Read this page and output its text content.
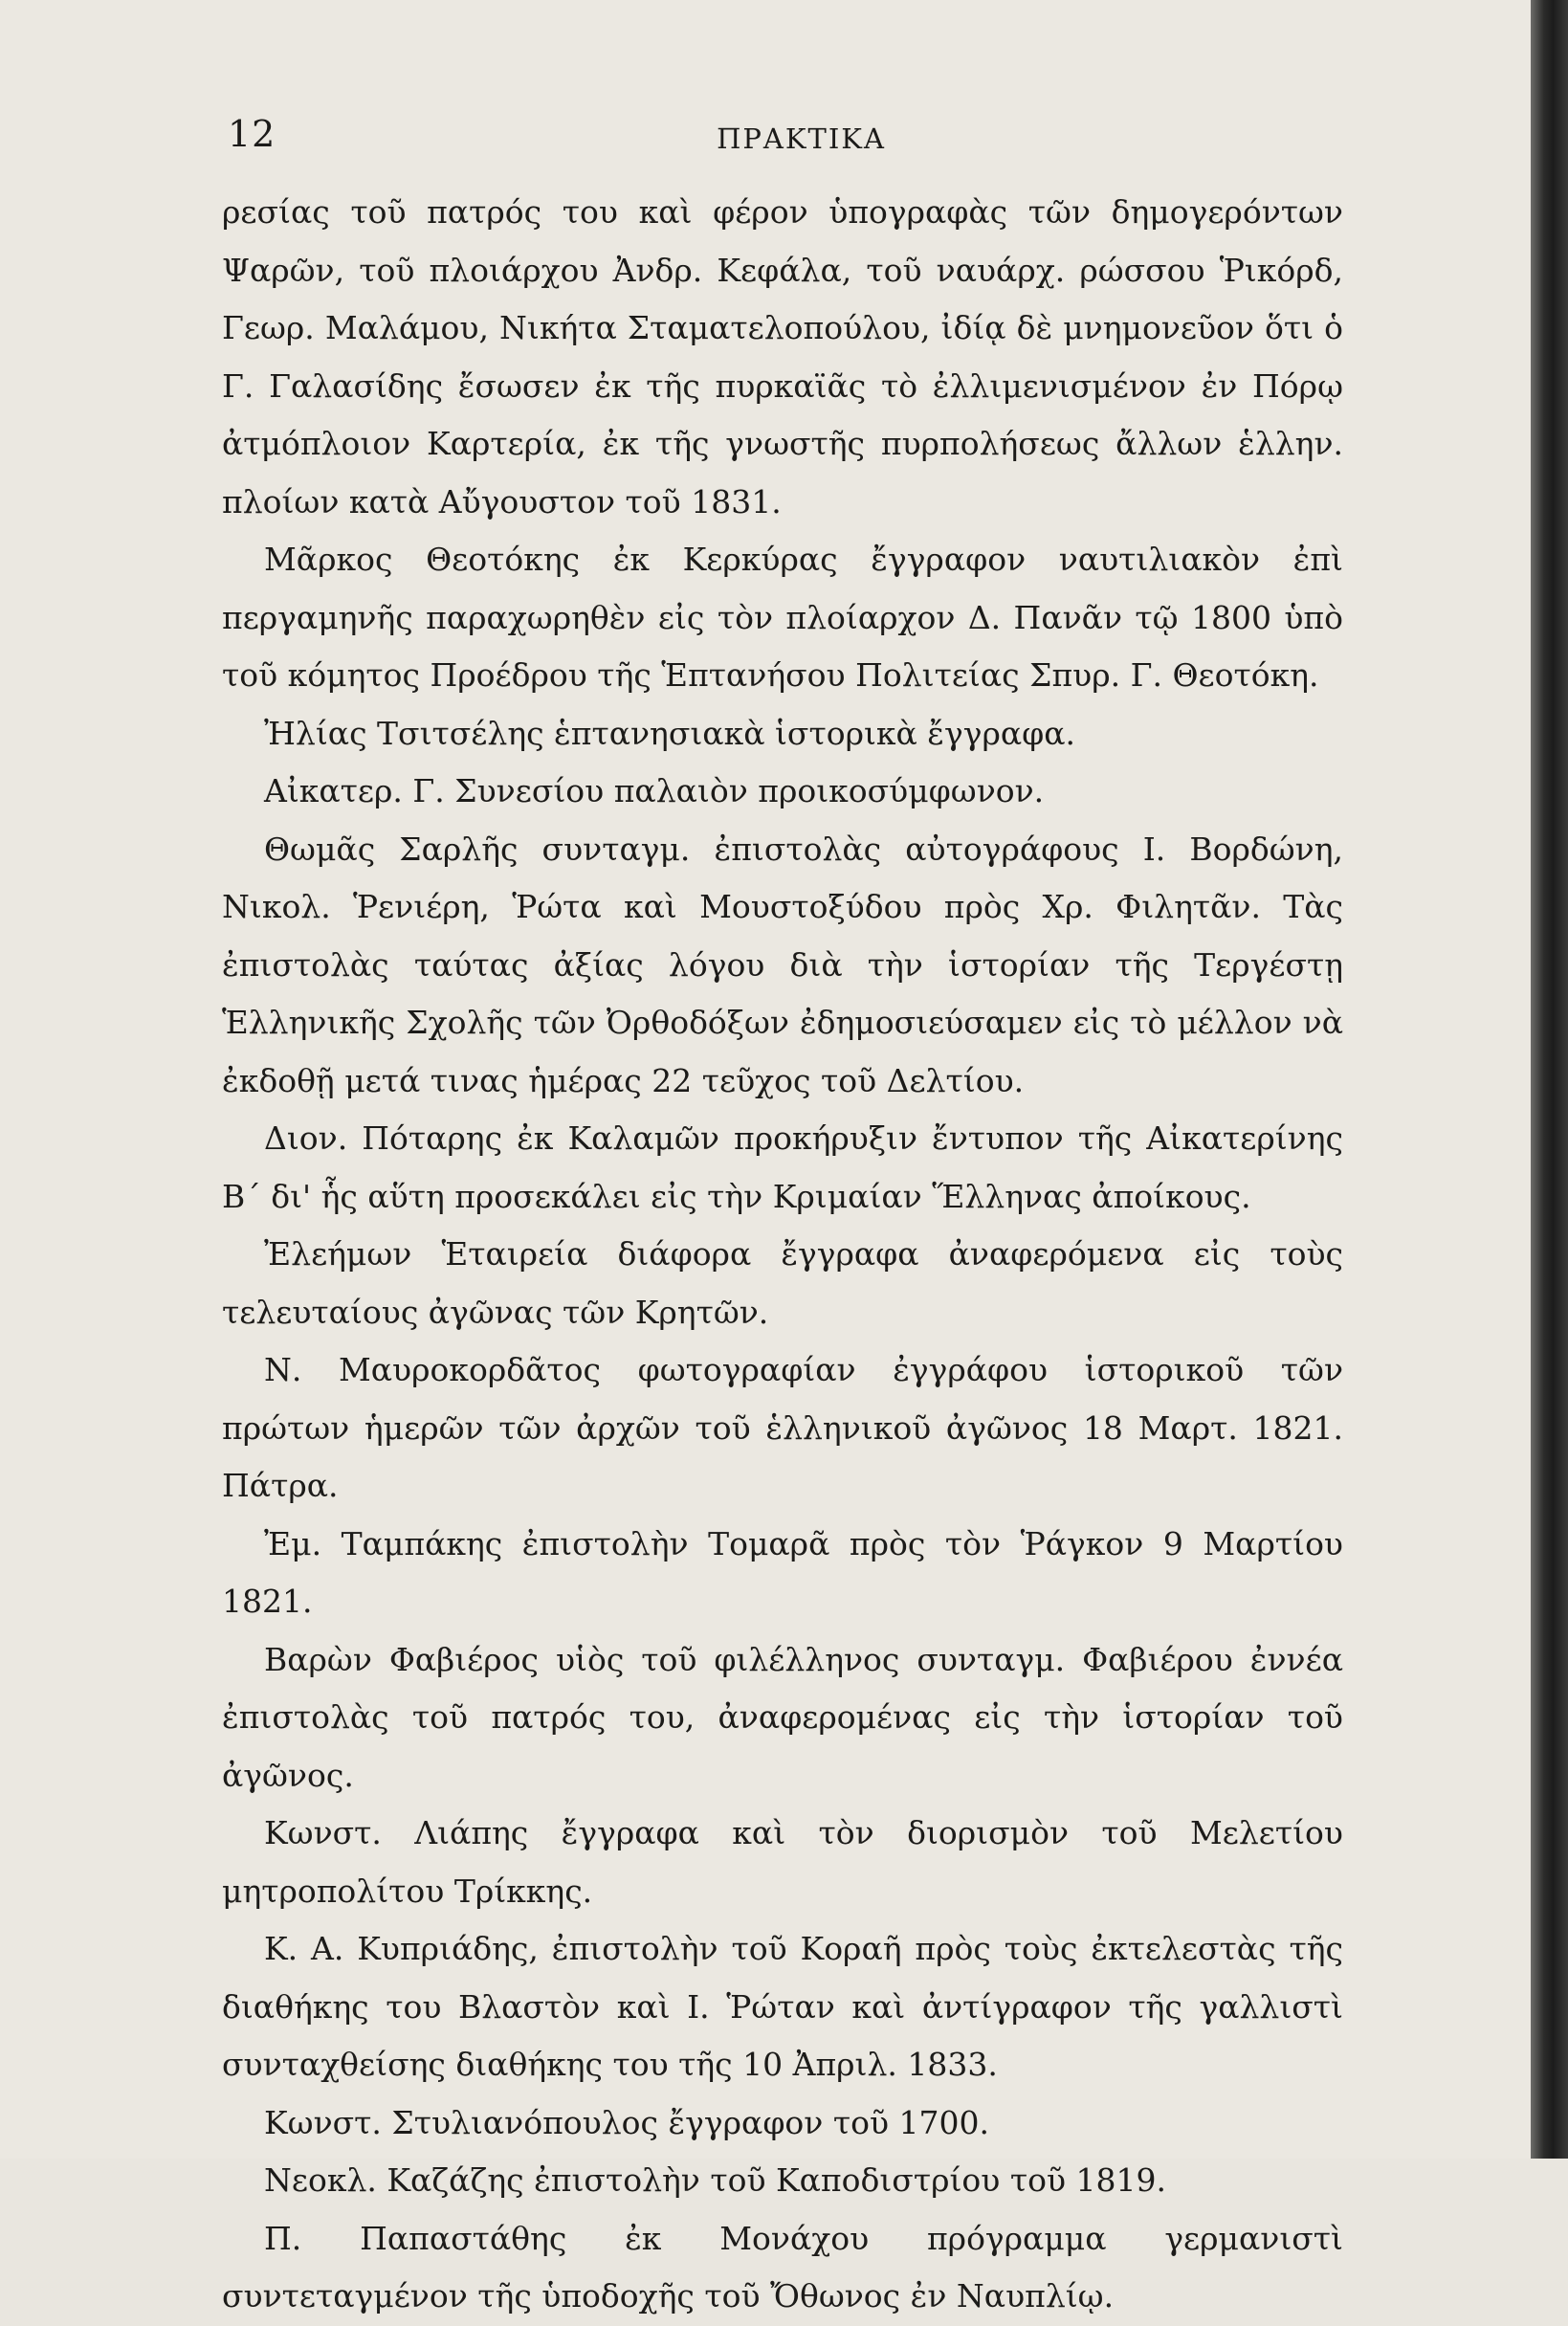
12	ΠΡΑΚΤΙΚΑ

ρεσίας τοῦ πατρός του καὶ φέρον ὑπογραφὰς τῶν δημογερόντων Ψαρῶν, τοῦ πλοιάρχου Ἀνδρ. Κεφάλα, τοῦ ναυάρχ. ρώσσου Ῥικόρδ, Γεωρ. Μαλάμου, Νικήτα Σταματελοπούλου, ἰδίᾳ δὲ μνημονεῦον ὅτι ὁ Γ. Γαλασίδης ἔσωσεν ἐκ τῆς πυρκαϊᾶς τὸ ἐλλιμενισμένον ἐν Πόρῳ ἀτμόπλοιον Καρτερία, ἐκ τῆς γνωστῆς πυρπολήσεως ἄλλων ἑλλην. πλοίων κατὰ Αὔγουστον τοῦ 1831.

Μᾶρκος Θεοτόκης ἐκ Κερκύρας ἔγγραφον ναυτιλιακὸν ἐπὶ περγαμηνῆς παραχωρηθὲν εἰς τὸν πλοίαρχον Δ. Πανᾶν τῷ 1800 ὑπὸ τοῦ κόμητος Προέδρου τῆς Ἑπτανήσου Πολιτείας Σπυρ. Γ. Θεοτόκη.

Ἠλίας Τσιτσέλης ἑπτανησιακὰ ἱστορικὰ ἔγγραφα.

Αἰκατερ. Γ. Συνεσίου παλαιὸν προικοσύμφωνον.

Θωμᾶς Σαρλῆς συνταγμ. ἐπιστολὰς αὐτογράφους Ι. Βορδώνη, Νικολ. Ῥενιέρη, Ῥώτα καὶ Μουστοξύδου πρὸς Χρ. Φιλητᾶν. Τὰς ἐπιστολὰς ταύτας ἀξίας λόγου διὰ τὴν ἱστορίαν τῆς Τεργέστῃ Ἑλληνικῆς Σχολῆς τῶν Ὀρθοδόξων ἐδημοσιεύσαμεν εἰς τὸ μέλλον νὰ ἐκδοθῇ μετά τινας ἡμέρας 22 τεῦχος τοῦ Δελτίου.

Διον. Πόταρης ἐκ Καλαμῶν προκήρυξιν ἔντυπον τῆς Αἰκατερίνης Β΄ δι' ἧς αὕτη προσεκάλει εἰς τὴν Κριμαίαν Ἕλληνας ἀποίκους.

Ἐλεήμων Ἑταιρεία διάφορα ἔγγραφα ἀναφερόμενα εἰς τοὺς τελευταίους ἀγῶνας τῶν Κρητῶν.

Ν. Μαυροκορδᾶτος φωτογραφίαν ἐγγράφου ἱστορικοῦ τῶν πρώτων ἡμερῶν τῶν ἀρχῶν τοῦ ἑλληνικοῦ ἀγῶνος 18 Μαρτ. 1821. Πάτρα.

Ἐμ. Ταμπάκης ἐπιστολὴν Τομαρᾶ πρὸς τὸν Ῥάγκον 9 Μαρτίου 1821.

Βαρὼν Φαβιέρος υἱὸς τοῦ φιλέλληνος συνταγμ. Φαβιέρου ἐννέα ἐπιστολὰς τοῦ πατρός του, ἀναφερομένας εἰς τὴν ἱστορίαν τοῦ ἀγῶνος.

Κωνστ. Λιάπης ἔγγραφα καὶ τὸν διορισμὸν τοῦ Μελετίου μητροπολίτου Τρίκκης.

Κ. Α. Κυπριάδης, ἐπιστολὴν τοῦ Κοραῆ πρὸς τοὺς ἐκτελεστὰς τῆς διαθήκης του Βλαστὸν καὶ Ι. Ῥώταν καὶ ἀντίγραφον τῆς γαλλιστὶ συνταχθείσης διαθήκης του τῆς 10 Ἀπριλ. 1833.

Κωνστ. Στυλιανόπουλος ἔγγραφον τοῦ 1700.

Νεοκλ. Καζάζης ἐπιστολὴν τοῦ Καποδιστρίου τοῦ 1819.

Π. Παπαστάθης ἐκ Μονάχου πρόγραμμα γερμανιστὶ συντεταγμένον τῆς ὑποδοχῆς τοῦ Ὄθωνος ἐν Ναυπλίῳ.
